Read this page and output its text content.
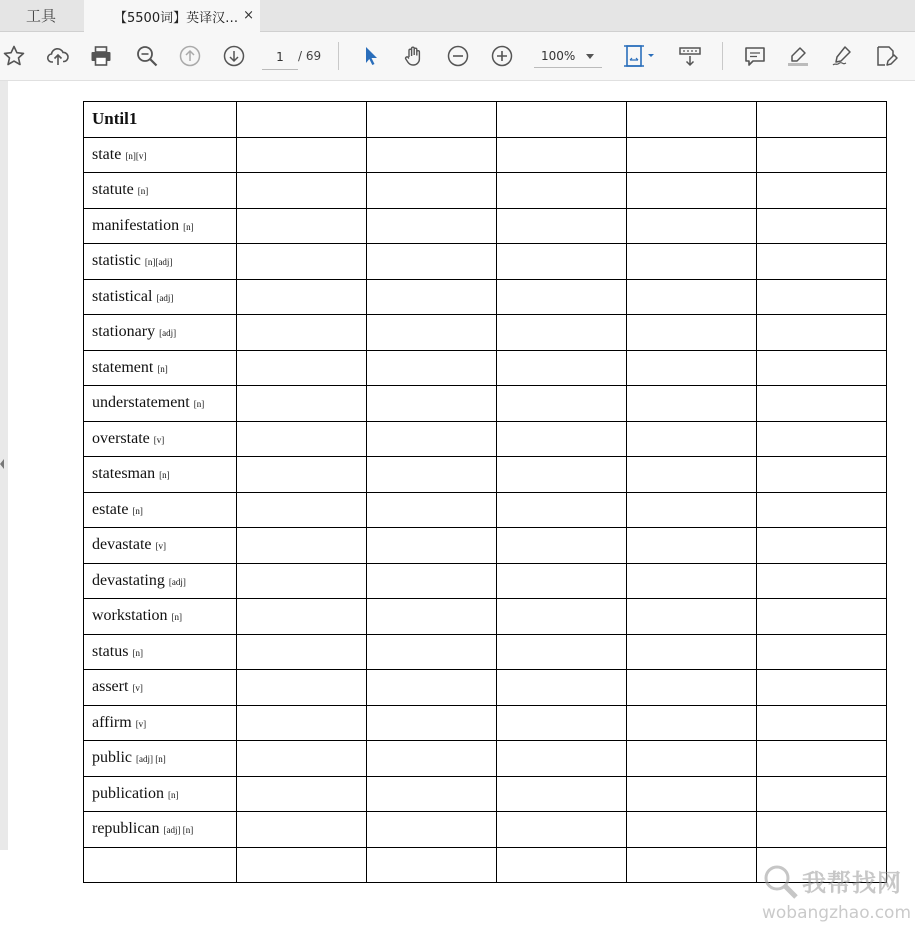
工具	【5500词】英译汉… ×
1
/ 69	100%
Until1					
state [n][v]					
statute [n]					
manifestation [n]					
statistic [n][adj]					
statistical [adj]					
stationary [adj]					
statement [n]					
understatement [n]					
overstate [v]					
statesman [n]					
estate [n]					
devastate [v]					
devastating [adj]					
workstation [n]					
status [n]					
assert [v]					
affirm [v]					
public [adj] [n]					
publication [n]					
republican [adj] [n]					

我帮找网
wobangzhao.com
